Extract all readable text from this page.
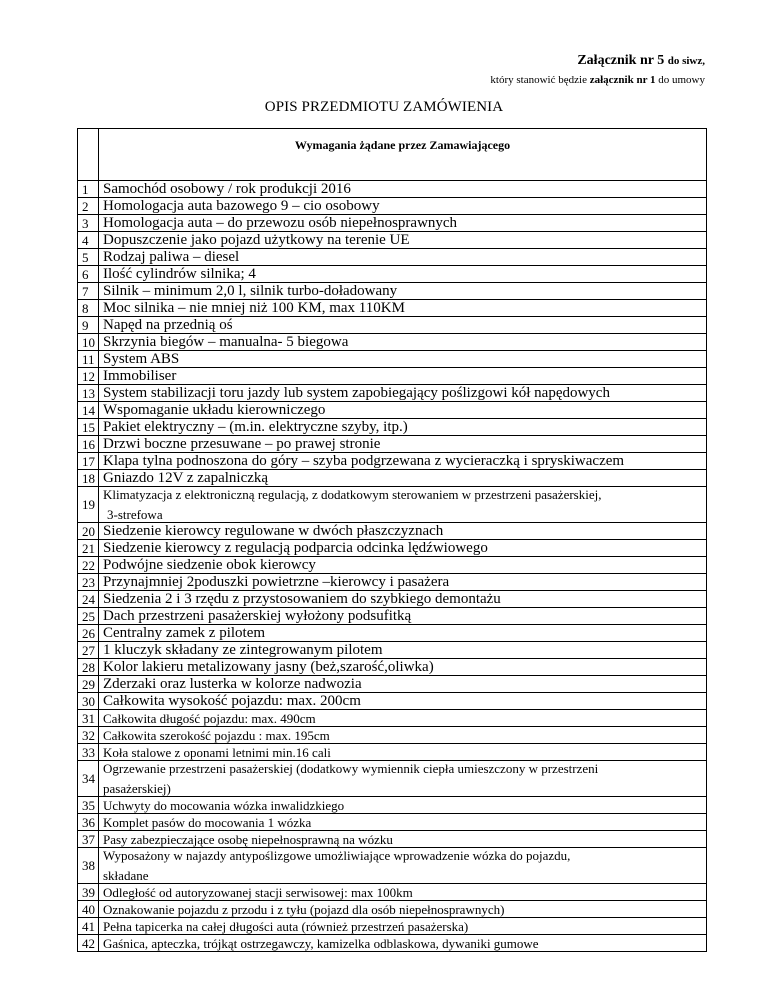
Załącznik nr 5 do siwz,
który stanowić będzie załącznik nr 1 do umowy
OPIS PRZEDMIOTU ZAMÓWIENIA
	Wymagania żądane przez Zamawiającego
1	Samochód osobowy / rok produkcji 2016
2	Homologacja auta bazowego 9 – cio osobowy
3	Homologacja auta – do przewozu osób niepełnosprawnych
4	Dopuszczenie jako pojazd użytkowy na terenie UE
5	Rodzaj paliwa – diesel
6	Ilość cylindrów silnika; 4
7	Silnik – minimum 2,0 l, silnik turbo-doładowany
8	Moc silnika – nie mniej niż 100 KM, max 110KM
9	Napęd na przednią oś
10	Skrzynia biegów – manualna- 5 biegowa
11	System ABS
12	Immobiliser
13	System stabilizacji toru jazdy lub system zapobiegający poślizgowi kół napędowych
14	Wspomaganie układu kierowniczego
15	Pakiet elektryczny – (m.in. elektryczne szyby, itp.)
16	Drzwi boczne przesuwane – po prawej stronie
17	Klapa tylna podnoszona do góry – szyba podgrzewana z wycieraczką i spryskiwaczem
18	Gniazdo 12V z zapalniczką
19	Klimatyzacja z elektroniczną regulacją, z dodatkowym sterowaniem w przestrzeni pasażerskiej,
3-strefowa

20	Siedzenie kierowcy regulowane w dwóch płaszczyznach
21	Siedzenie kierowcy z regulacją podparcia odcinka lędźwiowego
22	Podwójne siedzenie obok kierowcy
23	Przynajmniej 2poduszki powietrzne –kierowcy i pasażera
24	Siedzenia 2 i 3 rzędu z przystosowaniem do szybkiego demontażu
25	Dach przestrzeni pasażerskiej wyłożony podsufitką
26	Centralny zamek z pilotem
27	1 kluczyk składany ze zintegrowanym pilotem
28	Kolor lakieru metalizowany jasny (beż,szarość,oliwka)
29	Zderzaki oraz lusterka w kolorze nadwozia
30	Całkowita wysokość pojazdu: max. 200cm
31	Całkowita długość pojazdu: max. 490cm
32	Całkowita szerokość pojazdu : max. 195cm
33	Koła stalowe z oponami letnimi min.16 cali
34	Ogrzewanie przestrzeni pasażerskiej (dodatkowy wymiennik ciepła umieszczony w przestrzeni
pasażerskiej)

35	Uchwyty do mocowania wózka inwalidzkiego
36	Komplet pasów do mocowania 1 wózka
37	Pasy zabezpieczające osobę niepełnosprawną na wózku
38	Wyposażony w najazdy antypoślizgowe umożliwiające wprowadzenie wózka do pojazdu,
składane

39	Odległość od autoryzowanej stacji serwisowej: max 100km
40	Oznakowanie pojazdu z przodu i z tyłu (pojazd dla osób niepełnosprawnych)
41	Pełna tapicerka na całej długości auta (również przestrzeń pasażerska)
42	Gaśnica, apteczka, trójkąt ostrzegawczy, kamizelka odblaskowa, dywaniki gumowe
